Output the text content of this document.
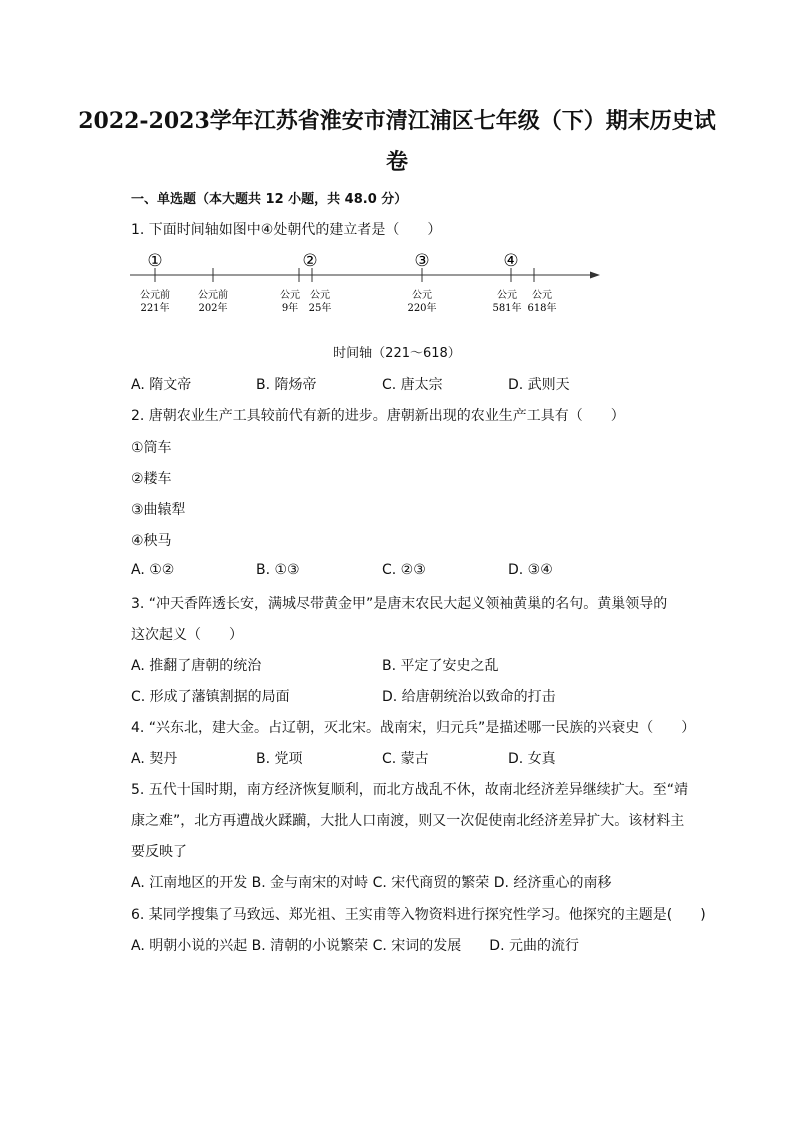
2022-2023学年江苏省淮安市清江浦区七年级（下）期末历史试
卷
一、单选题（本大题共 12 小题，共 48.0 分）
1. 下面时间轴如图中④处朝代的建立者是（　　）
①	②	③	④
公元前
221年
公元前
202年
公元
9年
公元
25年
公元
220年
公元
581年
公元
618年
时间轴（221～618）
A. 隋文帝	B. 隋炀帝	C. 唐太宗	D. 武则天
2. 唐朝农业生产工具较前代有新的进步。唐朝新出现的农业生产工具有（　　）
①筒车
②耧车
③曲辕犁
④秧马
A. ①②	B. ①③	C. ②③	D. ③④
3. “冲天香阵透长安，满城尽带黄金甲”是唐末农民大起义领袖黄巢的名句。黄巢领导的
这次起义（　　）
A. 推翻了唐朝的统治	B. 平定了安史之乱
C. 形成了藩镇割据的局面	D. 给唐朝统治以致命的打击
4. “兴东北，建大金。占辽朝，灭北宋。战南宋，归元兵”是描述哪一民族的兴衰史（　　）
A. 契丹	B. 党项	C. 蒙古	D. 女真
5. 五代十国时期，南方经济恢复顺利，而北方战乱不休，故南北经济差异继续扩大。至“靖
康之难”，北方再遭战火蹂躏，大批人口南渡，则又一次促使南北经济差异扩大。该材料主
要反映了
A. 江南地区的开发 B. 金与南宋的对峙 C. 宋代商贸的繁荣 D. 经济重心的南移
6. 某同学搜集了马致远、郑光祖、王实甫等入物资料进行探究性学习。他探究的主题是(　　)
A. 明朝小说的兴起 B. 清朝的小说繁荣 C. 宋词的发展　　D. 元曲的流行
